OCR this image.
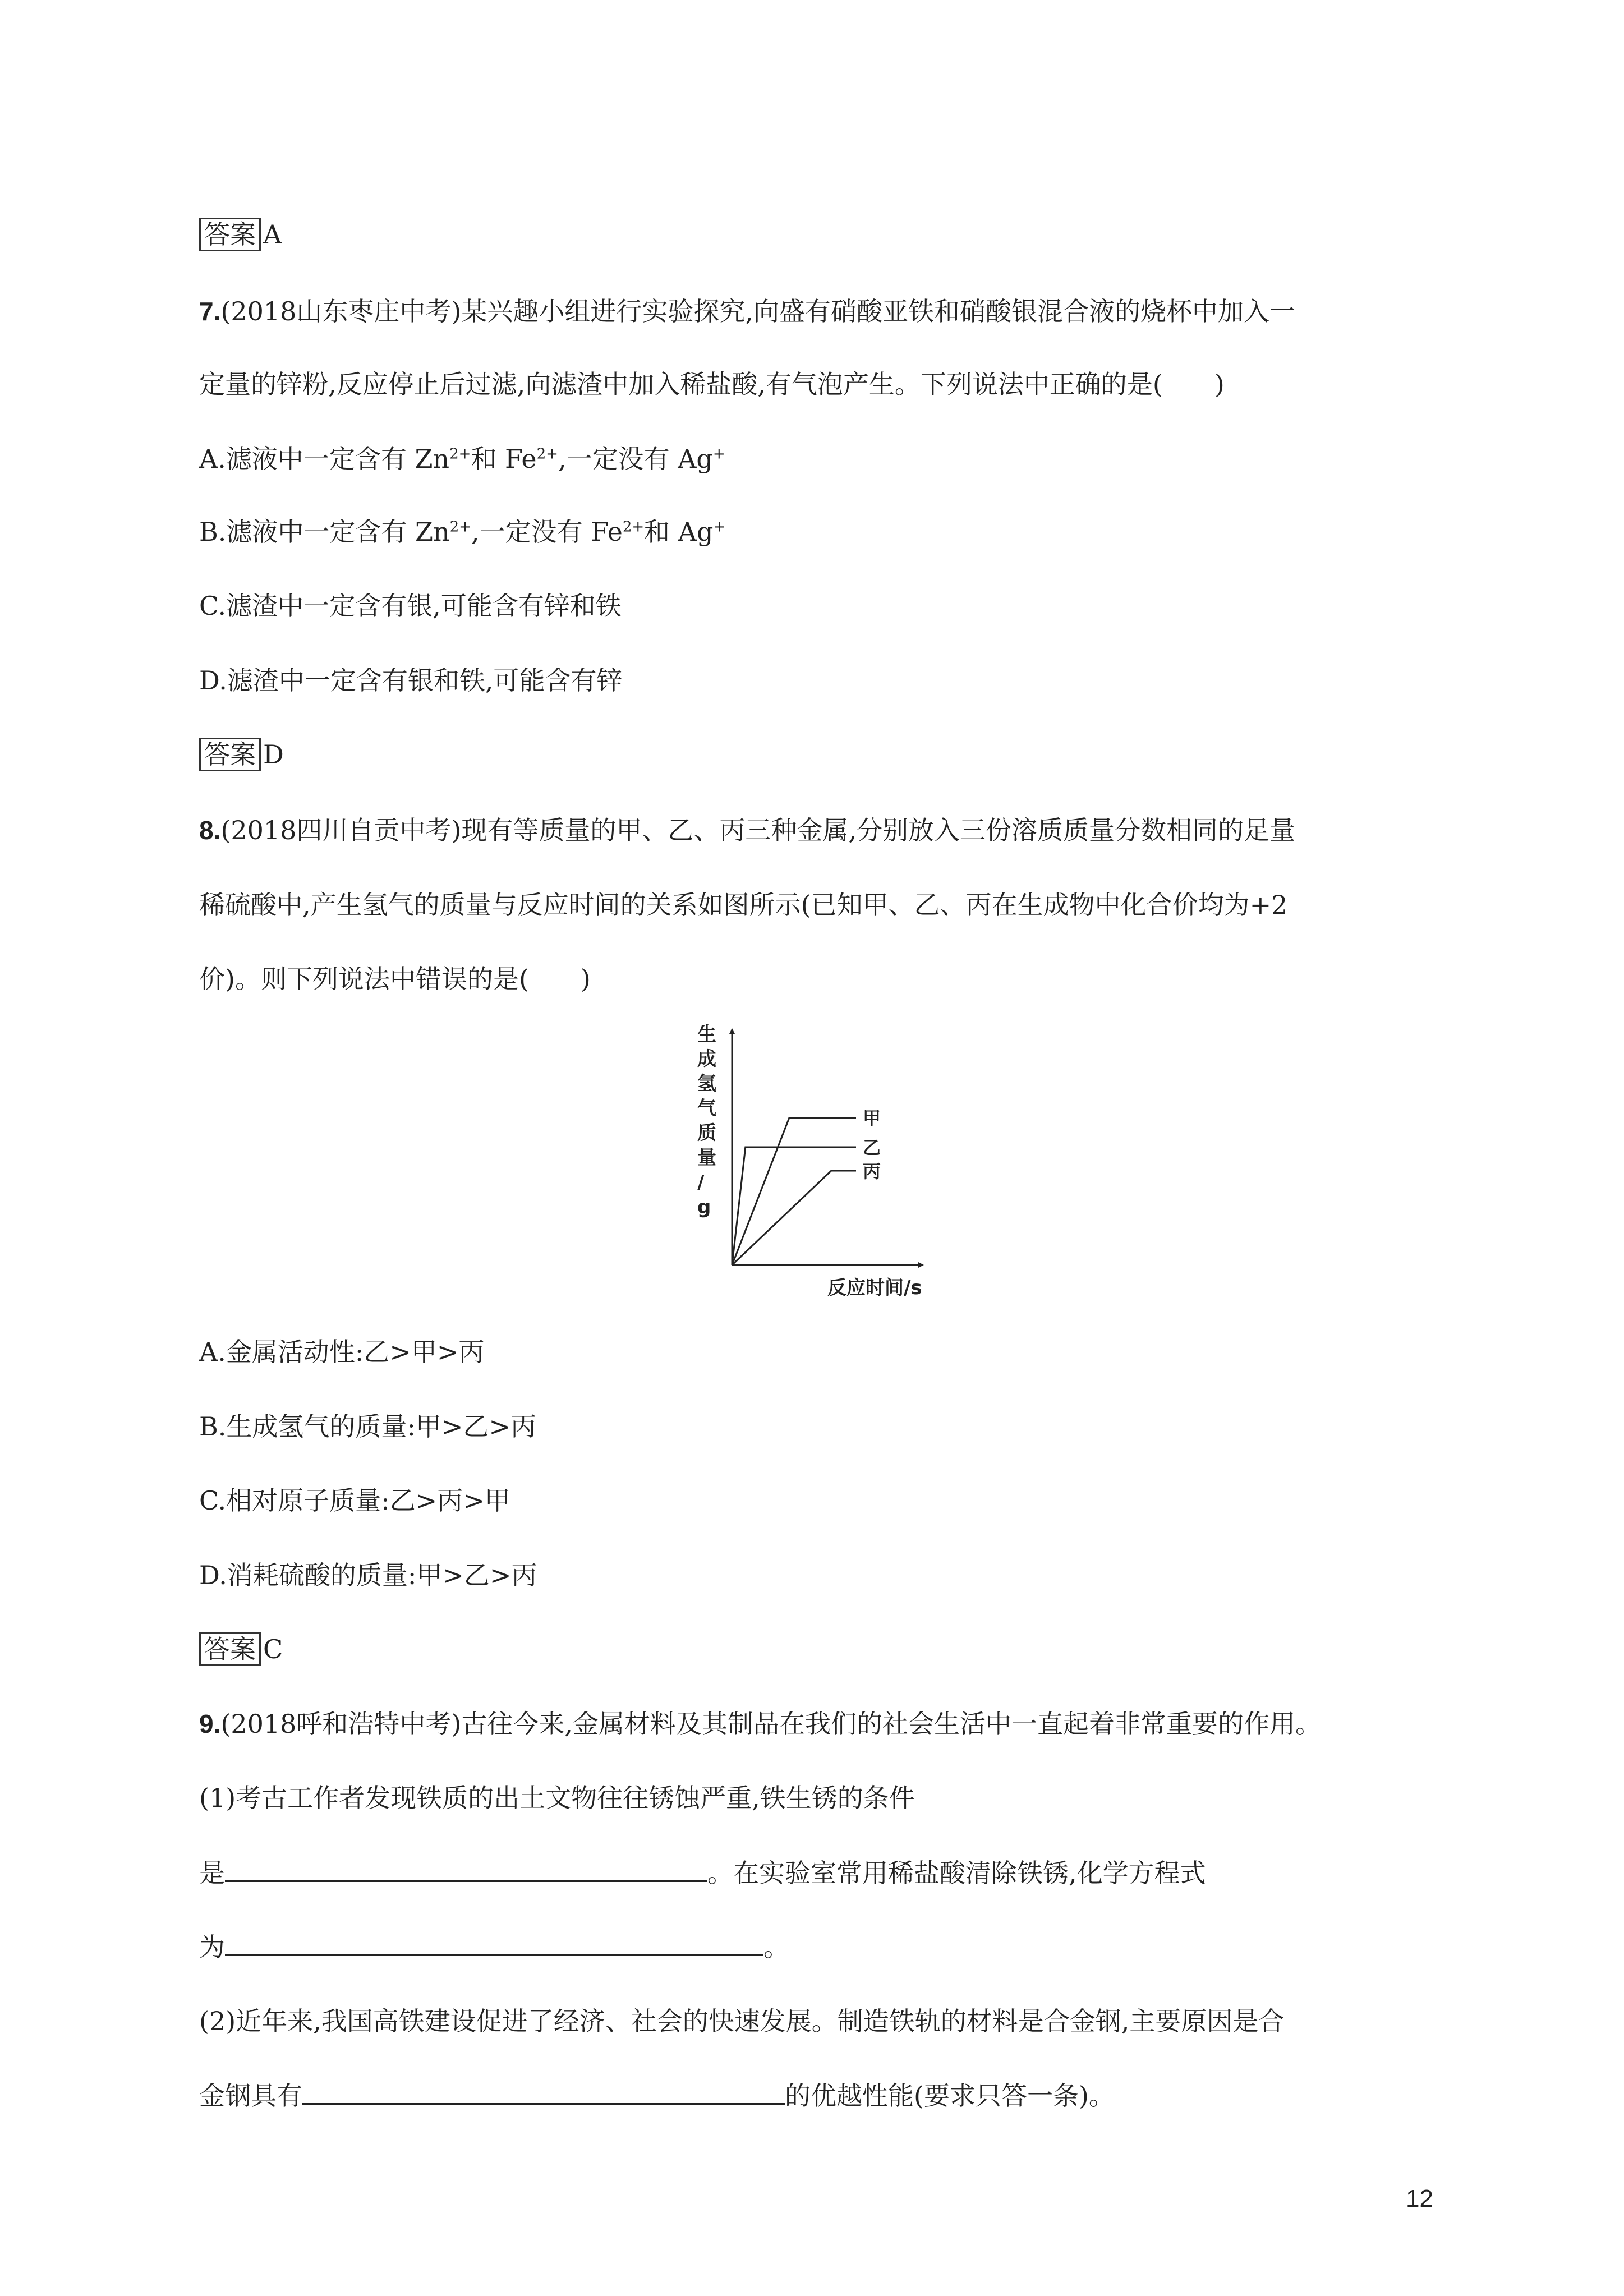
答案 A
7.(2018山东枣庄中考)某兴趣小组进行实验探究,向盛有硝酸亚铁和硝酸银混合液的烧杯中加入一
定量的锌粉,反应停止后过滤,向滤渣中加入稀盐酸,有气泡产生。下列说法中正确的是(　　)
A.滤液中一定含有 $Zn^{2+}$和 $Fe^{2+}$,一定没有 Ag+
B.滤液中一定含有 $Zn^{2+}$,一定没有 $Fe^{2+}$和 Ag+
C.滤渣中一定含有银,可能含有锌和铁
D.滤渣中一定含有银和铁,可能含有锌
答案 D
8.(2018四川自贡中考)现有等质量的甲、乙、丙三种金属,分别放入三份溶质质量分数相同的足量
稀硫酸中,产生氢气的质量与反应时间的关系如图所示(已知甲、乙、丙在生成物中化合价均为+2
价)。则下列说法中错误的是(　　)
生
成
氢
气
质
量
/
g
反应时间/s
甲
乙
丙
A.金属活动性:乙>甲>丙
B.生成氢气的质量:甲>乙>丙
C.相对原子质量:乙>丙>甲
D.消耗硫酸的质量:甲>乙>丙
答案 C
9.(2018呼和浩特中考)古往今来,金属材料及其制品在我们的社会生活中一直起着非常重要的作用。
(1)考古工作者发现铁质的出土文物往往锈蚀严重,铁生锈的条件
是	。在实验室常用稀盐酸清除铁锈,化学方程式
为	。
(2)近年来,我国高铁建设促进了经济、社会的快速发展。制造铁轨的材料是合金钢,主要原因是合
金钢具有	的优越性能(要求只答一条)。
12
